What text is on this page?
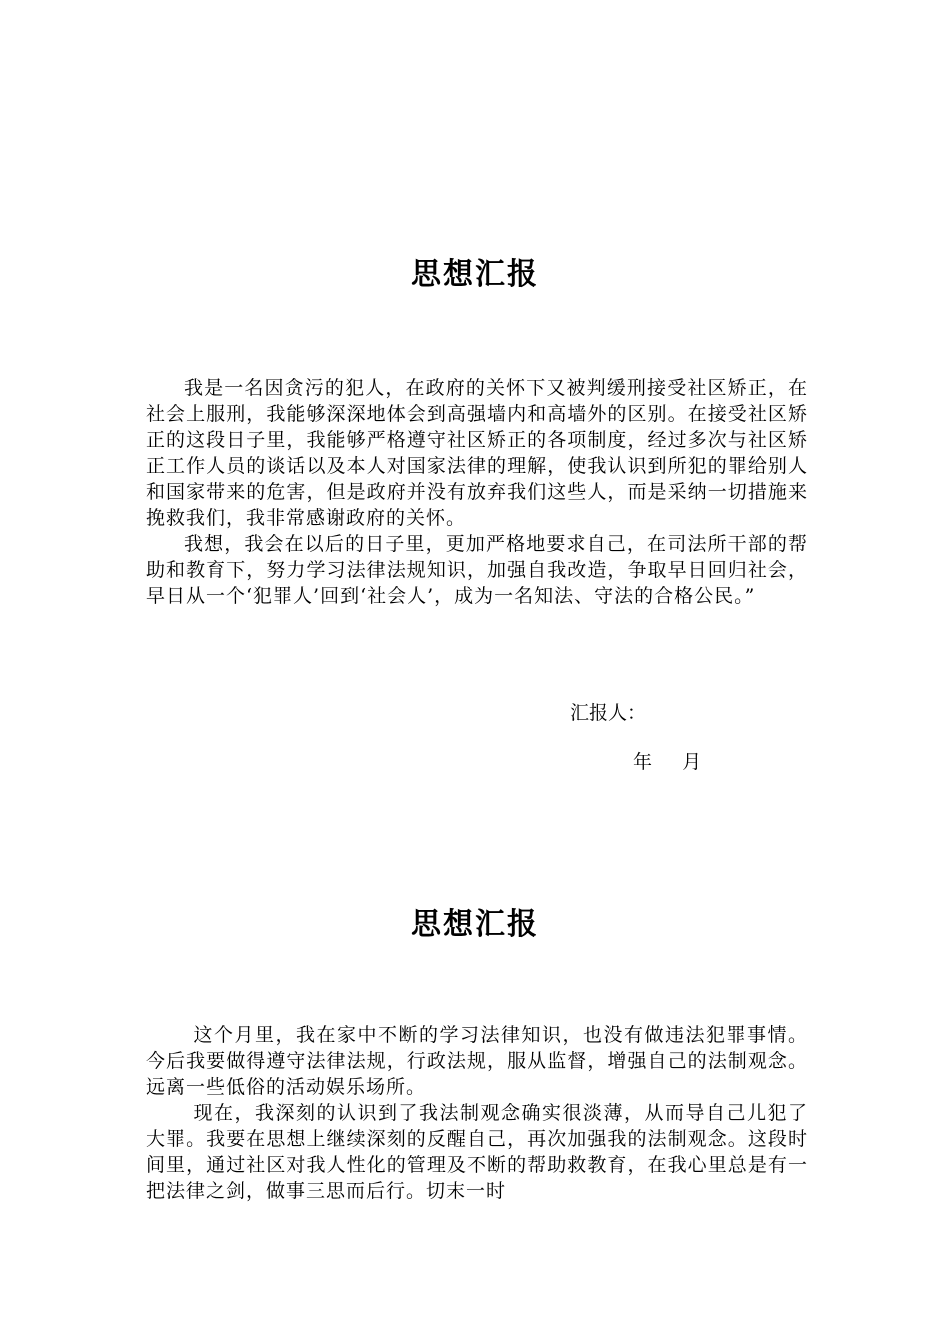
思想汇报

我是一名因贪污的犯人，在政府的关怀下又被判缓刑接受社区矫正，在社会上服刑，我能够深深地体会到高强墙内和高墙外的区别。在接受社区矫正的这段日子里，我能够严格遵守社区矫正的各项制度，经过多次与社区矫正工作人员的谈话以及本人对国家法律的理解，使我认识到所犯的罪给别人和国家带来的危害，但是政府并没有放弃我们这些人，而是采纳一切措施来挽救我们，我非常感谢政府的关怀。

我想，我会在以后的日子里，更加严格地要求自己，在司法所干部的帮助和教育下，努力学习法律法规知识，加强自我改造，争取早日回归社会，早日从一个‘犯罪人’回到‘社会人’，成为一名知法、守法的合格公民。”

汇报人：
年     月
思想汇报

这个月里，我在家中不断的学习法律知识，也没有做违法犯罪事情。今后我要做得遵守法律法规，行政法规，服从监督，增强自己的法制观念。远离一些低俗的活动娱乐场所。

现在，我深刻的认识到了我法制观念确实很淡薄，从而导自己儿犯了大罪。我要在思想上继续深刻的反醒自己，再次加强我的法制观念。这段时间里，通过社区对我人性化的管理及不断的帮助救教育，在我心里总是有一把法律之剑，做事三思而后行。切末一时
